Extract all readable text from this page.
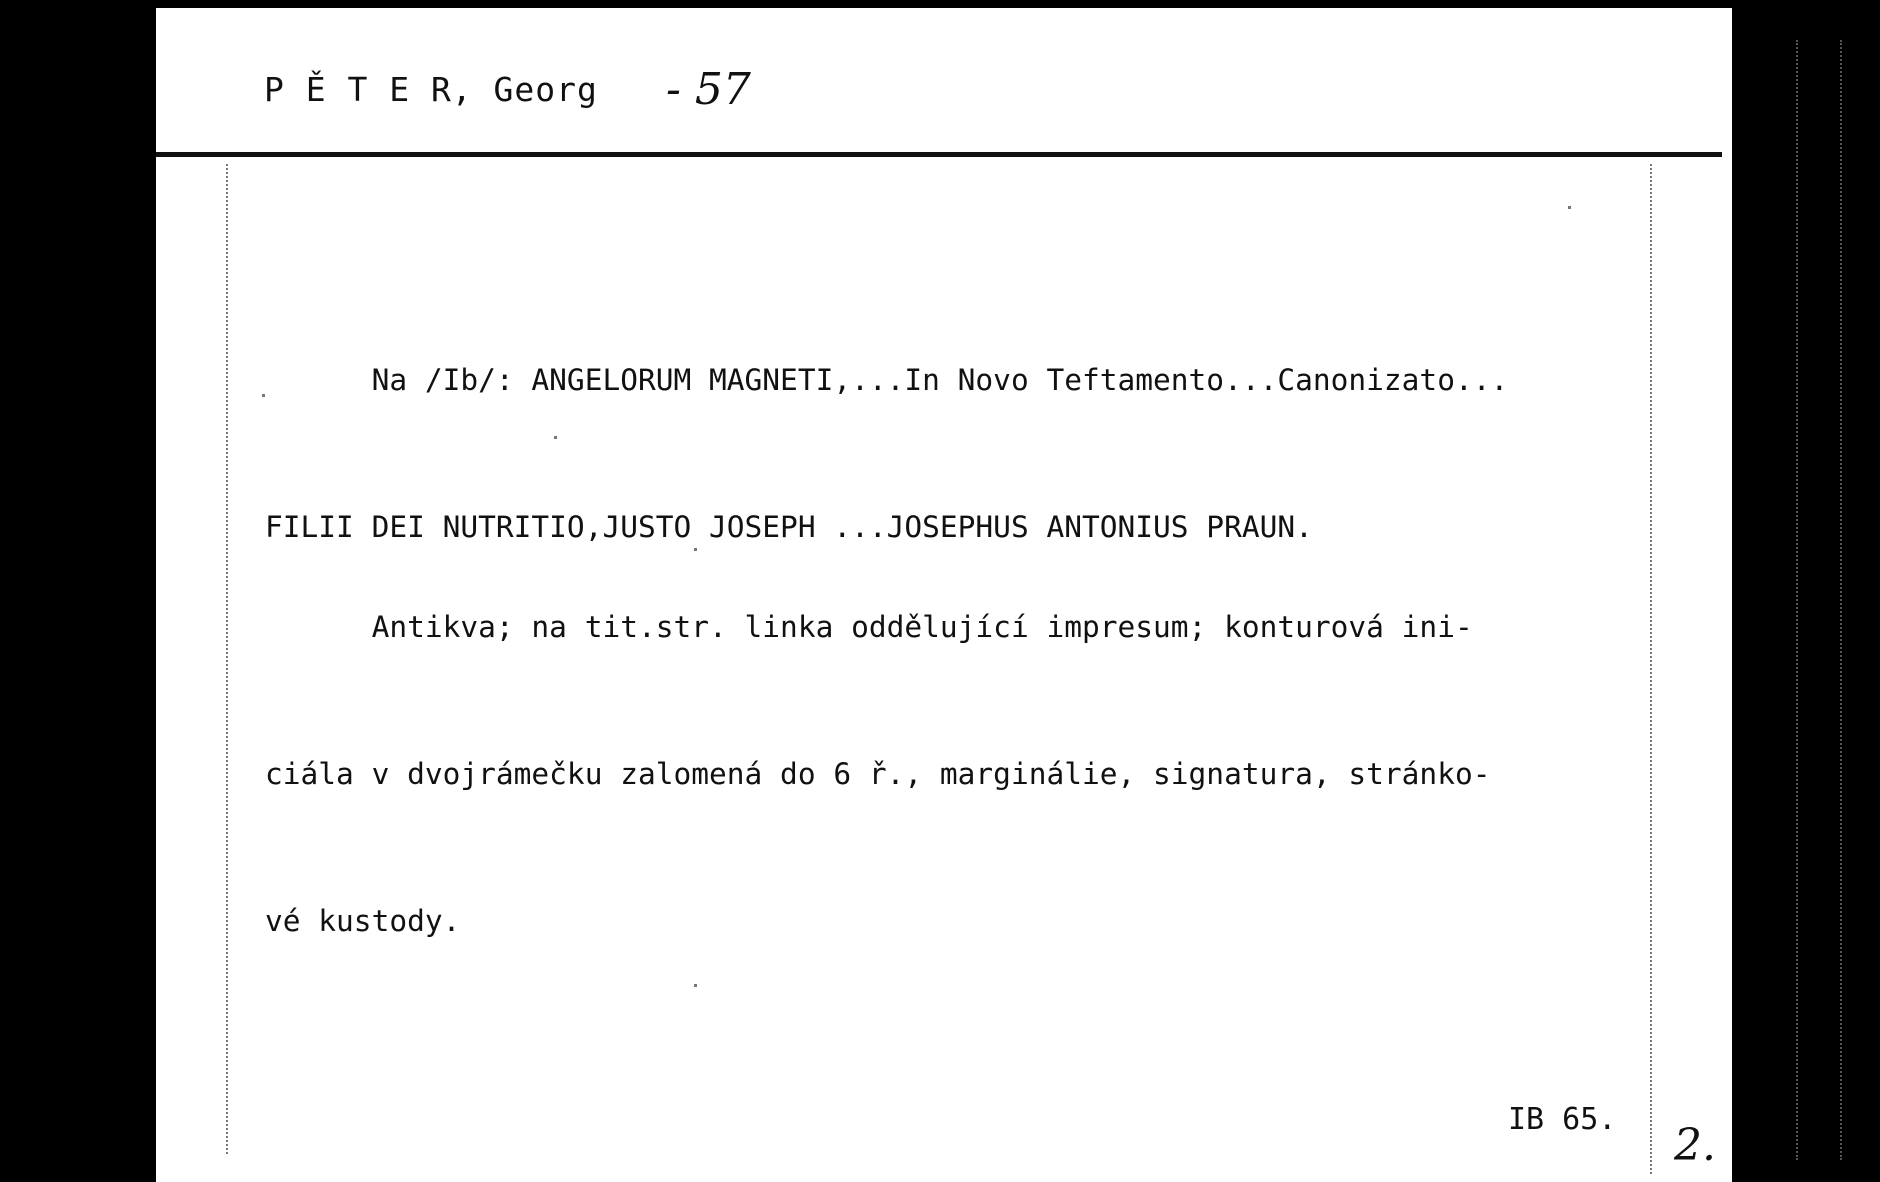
P Ě T E R, Georg - 57

Na /Ib/: ANGELORUM MAGNETI,...In Novo Teftamento...Canonizato...

FILII DEI NUTRITIO,JUSTO JOSEPH ...JOSEPHUS ANTONIUS PRAUN.

Antikva; na tit.str. linka oddělující impresum; konturová ini-

ciála v dvojrámečku zalomená do 6 ř., marginálie, signatura, stránko-

vé kustody.

IB 65.
2.
